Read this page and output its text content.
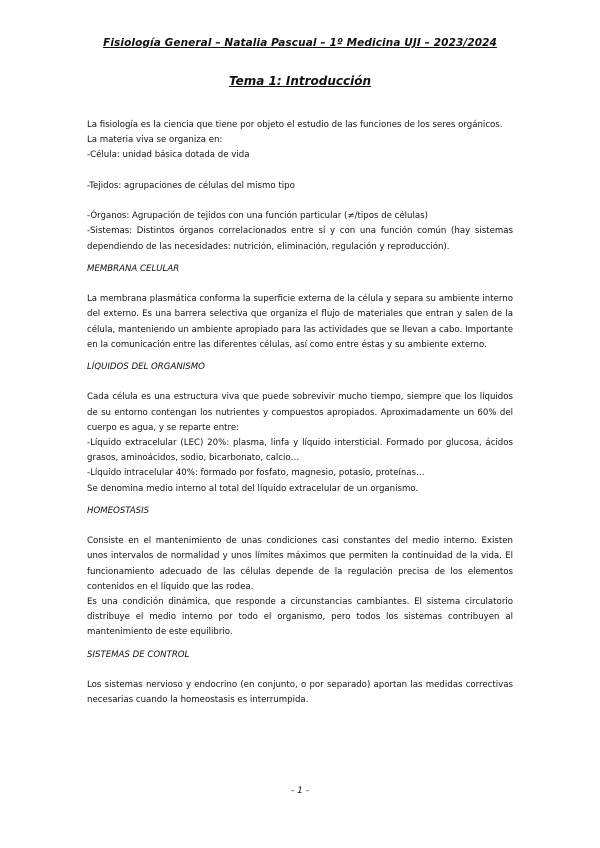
Fisiología General – Natalia Pascual – 1º Medicina UJI – 2023/2024
Tema 1: Introducción

La fisiología es la ciencia que tiene por objeto el estudio de las funciones de los seres orgánicos.

La materia viva se organiza en:

-Célula: unidad básica dotada de vida

-Tejidos: agrupaciones de células del mismo tipo

-Órganos: Agrupación de tejidos con una función particular (≠/tipos de células)

-Sistemas: Distintos órganos correlacionados entre sí y con una función común (hay sistemas dependiendo de las necesidades: nutrición, eliminación, regulación y reproducción).

MEMBRANA CELULAR

La membrana plasmática conforma la superficie externa de la célula y separa su ambiente interno del externo. Es una barrera selectiva que organiza el flujo de materiales que entran y salen de la célula, manteniendo un ambiente apropiado para las actividades que se llevan a cabo. Importante en la comunicación entre las diferentes células, así como entre éstas y su ambiente externo.

LÍQUIDOS DEL ORGANISMO

Cada célula es una estructura viva que puede sobrevivir mucho tiempo, siempre que los líquidos de su entorno contengan los nutrientes y compuestos apropiados. Aproximadamente un 60% del cuerpo es agua, y se reparte entre:

-Líquido extracelular (LEC) 20%: plasma, linfa y líquido intersticial. Formado por glucosa, ácidos grasos, aminoácidos, sodio, bicarbonato, calcio…

-Líquido intracelular 40%: formado por fosfato, magnesio, potasio, proteínas…

Se denomina medio interno al total del líquido extracelular de un organismo.

HOMEOSTASIS

Consiste en el mantenimiento de unas condiciones casi constantes del medio interno. Existen unos intervalos de normalidad y unos límites máximos que permiten la continuidad de la vida. El funcionamiento adecuado de las células depende de la regulación precisa de los elementos contenidos en el líquido que las rodea.

Es una condición dinámica, que responde a circunstancias cambiantes. El sistema circulatorio distribuye el medio interno por todo el organismo, pero todos los sistemas contribuyen al mantenimiento de este equilibrio.

SISTEMAS DE CONTROL

Los sistemas nervioso y endocrino (en conjunto, o por separado) aportan las medidas correctivas necesarias cuando la homeostasis es interrumpida.

- 1 -
